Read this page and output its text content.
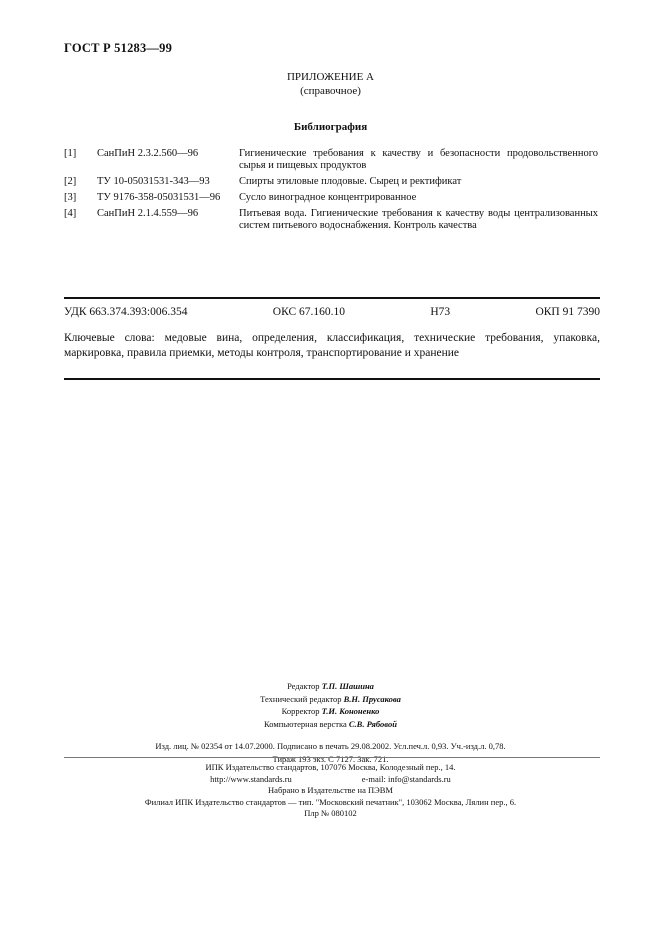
ГОСТ Р 51283—99
ПРИЛОЖЕНИЕ А
(справочное)
Библиография
[1]	СанПиН 2.3.2.560—96	Гигиенические требования к качеству и безопасности продовольственного сырья и пищевых продуктов
[2]	ТУ 10-05031531-343—93	Спирты этиловые плодовые. Сырец и ректификат
[3]	ТУ 9176-358-05031531—96	Сусло виноградное концентрированное
[4]	СанПиН 2.1.4.559—96	Питьевая вода. Гигиенические требования к качеству воды централизованных систем питьевого водоснабжения. Контроль качества
УДК 663.374.393:006.354	ОКС 67.160.10	Н73	ОКП 91 7390
Ключевые слова: медовые вина, определения, классификация, технические требования, упаковка, маркировка, правила приемки, методы контроля, транспортирование и хранение
Редактор Т.П. Шашина
Технический редактор В.Н. Прусакова
Корректор Т.И. Кононенко
Компьютерная верстка С.В. Рябовой
Изд. лиц. № 02354 от 14.07.2000. Подписано в печать 29.08.2002. Усл.печ.л. 0,93. Уч.-изд.л. 0,78.
Тираж 193 экз. С 7127. Зак. 721.
ИПК Издательство стандартов, 107076 Москва, Колодезный пер., 14.
http://www.standards.ru	e-mail: info@standards.ru
Набрано в Издательстве на ПЭВМ
Филиал ИПК Издательство стандартов — тип. "Московский печатник", 103062 Москва, Лялин пер., 6.
Плр № 080102
